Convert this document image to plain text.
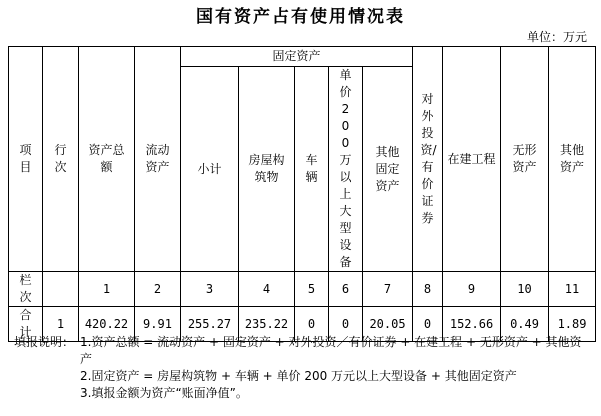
国有资产占有使用情况表
单位：万元
项目	行次	资产总额	流动资产	固定资产					对外投资/有价证券	在建工程	无形资产	其他资产
				小计	房屋构筑物	车辆	单价200万以上大型设备	其他固定资产				
栏次		1	2	3	4	5	6	7	8	9	10	11
合计	1	420.22	9.91	255.27	235.22	0	0	20.05	0	152.66	0.49	1.89
填报说明： 1.资产总额 = 流动资产 + 固定资产 + 对外投资／有价证券 + 在建工程 + 无形资产 + 其他资产
2.固定资产 = 房屋构筑物 + 车辆 + 单价 200 万元以上大型设备 + 其他固定资产
3.填报金额为资产“账面净值”。
